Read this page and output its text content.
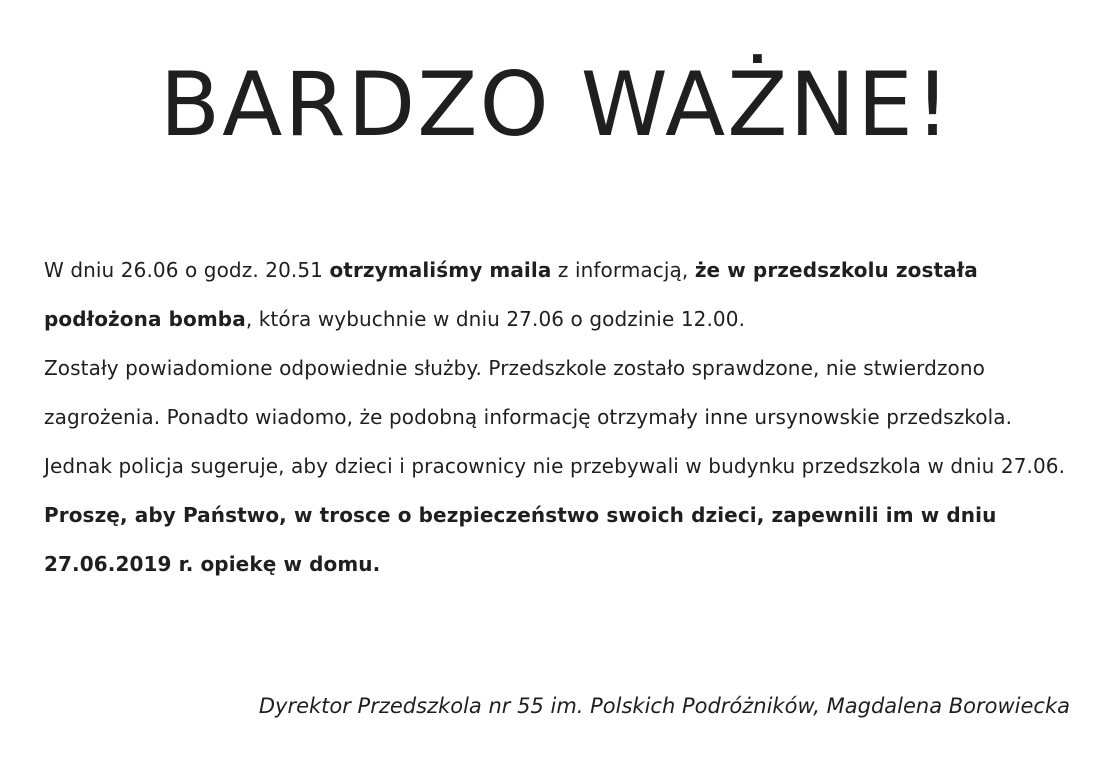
BARDZO WAŻNE!

W dniu 26.06 o godz. 20.51 otrzymaliśmy maila z informacją, że w przedszkolu została podłożona bomba, która wybuchnie w dniu 27.06 o godzinie 12.00.

Zostały powiadomione odpowiednie służby. Przedszkole zostało sprawdzone, nie stwierdzono zagrożenia. Ponadto wiadomo, że podobną informację otrzymały inne ursynowskie przedszkola.

Jednak policja sugeruje, aby dzieci i pracownicy nie przebywali w budynku przedszkola w dniu 27.06. Proszę, aby Państwo, w trosce o bezpieczeństwo swoich dzieci, zapewnili im w dniu 27.06.2019 r. opiekę w domu.

Dyrektor Przedszkola nr 55 im. Polskich Podróżników, Magdalena Borowiecka
